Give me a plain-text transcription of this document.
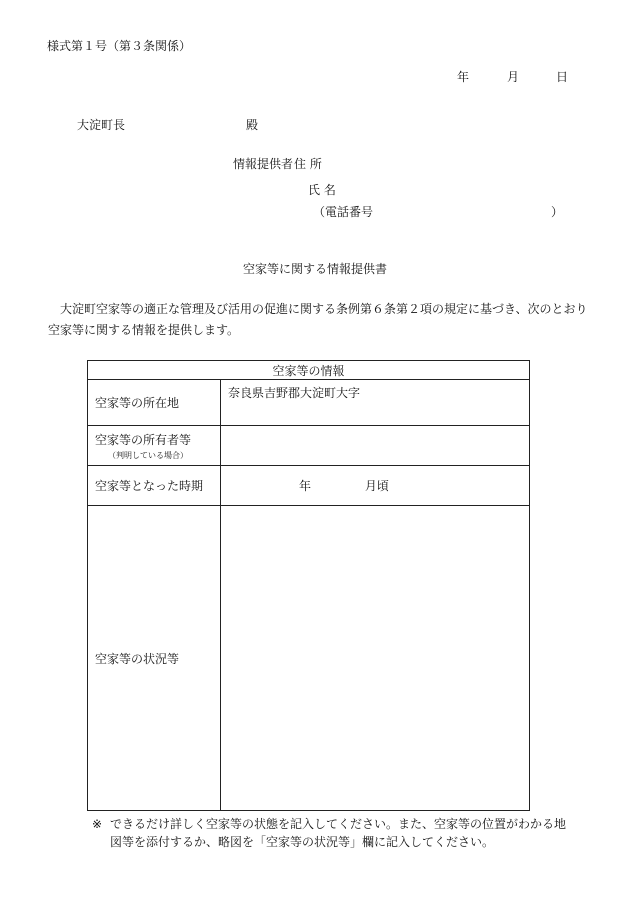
様式第１号（第３条関係）
年	月	日
大淀町長	殿
情報提供者 住 所
氏 名
（電話番号	）
空家等に関する情報提供書
大淀町空家等の適正な管理及び活用の促進に関する条例第６条第２項の規定に基づき、次のとおり空家等に関する情報を提供します。
空家等の情報	
空家等の所在地	奈良県吉野郡大淀町大字
空家等の所有者等
（判明している場合）	

空家等となった時期	年 月頃
空家等の状況等	
※ できるだけ詳しく空家等の状態を記入してください。また、空家等の位置がわかる地図等を添付するか、略図を「空家等の状況等」欄に記入してください。
